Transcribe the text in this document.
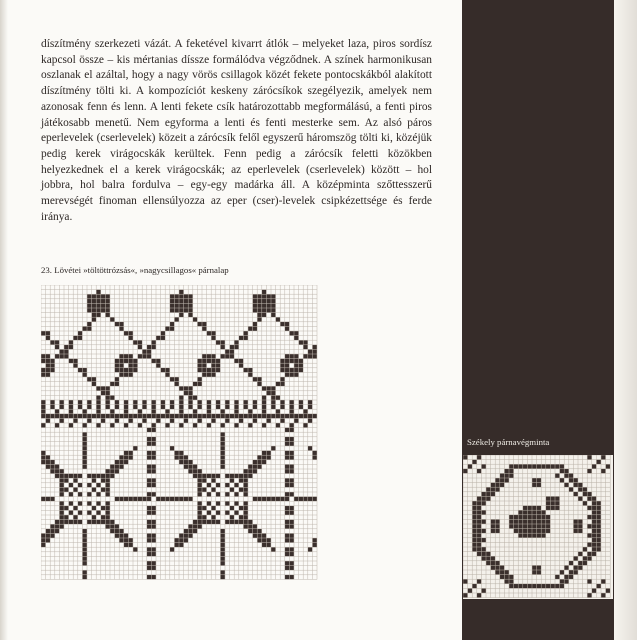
díszítmény szerkezeti vázát. A feketével kivarrt átlók – melyeket laza, piros sordísz kapcsol össze – kis mértanias díssze formálódva végződnek. A színek harmonikusan oszlanak el azáltal, hogy a nagy vörös csillagok közét fekete pontocskákból alakított díszítmény tölti ki. A kompozíciót keskeny zárócsíkok szegélyezik, amelyek nem azonosak fenn és lenn. A lenti fekete csík határozottabb megformálású, a fenti piros játékosabb menetű. Nem egyforma a lenti és fenti mesterke sem. Az alsó páros eperlevelek (cserlevelek) közeit a zárócsík felől egyszerű háromszög tölti ki, közéjük pedig kerek virágocskák kerültek. Fenn pedig a zárócsík feletti közökben helyezkednek el a kerek virágocskák; az eperlevelek (cserlevelek) között – hol jobbra, hol balra fordulva – egy-egy madárka áll. A középminta szőttesszerű merevségét finoman ellensúlyozza az eper (cser)-levelek csipkézettsége és ferde iránya.

23. Lövétei »töltöttrózsás«, »nagycsillagos« párnalap
Székely párnavégminta
